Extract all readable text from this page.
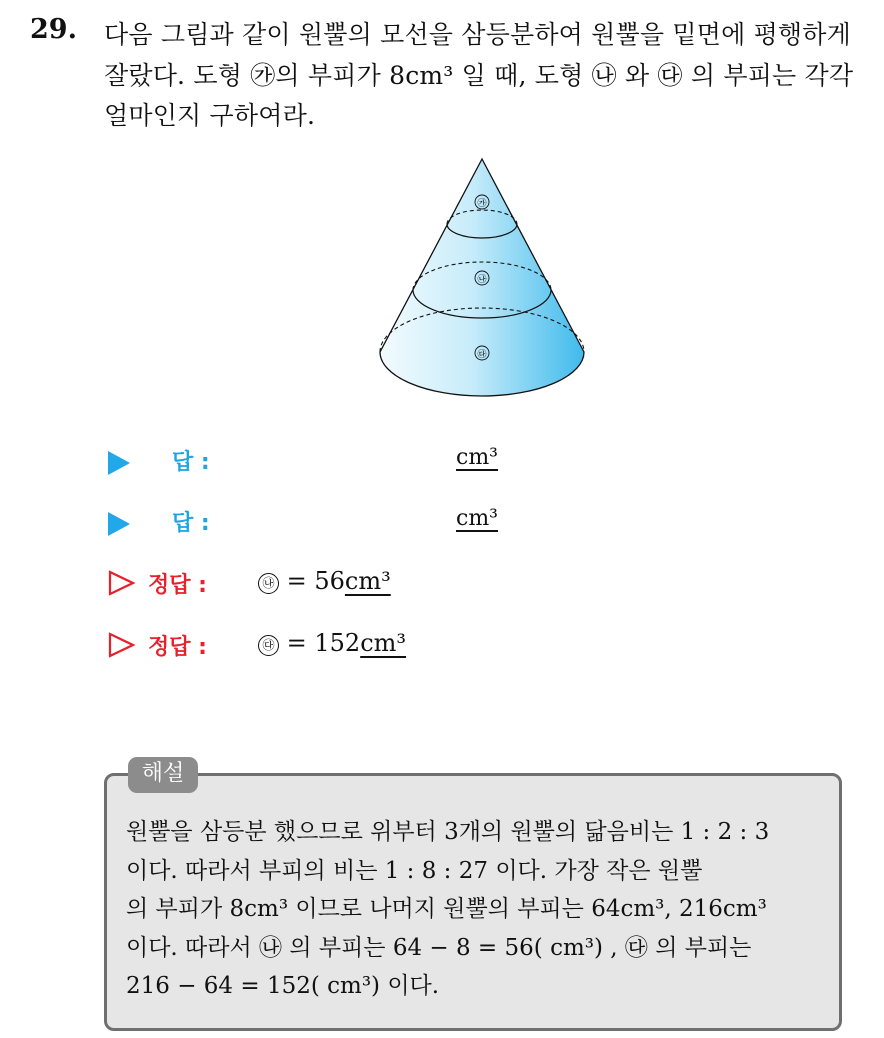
29. 다음 그림과 같이 원뿔의 모선을 삼등분하여 원뿔을 밑면에 평행하게
잘랐다. 도형 ㉮의 부피가 8cm³ 일 때, 도형 ㉯ 와 ㉰ 의 부피는 각각
얼마인지 구하여라.
㉮
㉯
㉰
답 :	cm³
답 :	cm³
정답 :	㉯ = 56cm³
정답 :	㉰ = 152cm³
해설
원뿔을 삼등분 했으므로 위부터 3개의 원뿔의 닮음비는 1 : 2 : 3
이다. 따라서 부피의 비는 1 : 8 : 27 이다. 가장 작은 원뿔
의 부피가 8cm³ 이므로 나머지 원뿔의 부피는 64cm³, 216cm³
이다. 따라서 ㉯ 의 부피는 64 − 8 = 56( cm³) , ㉰ 의 부피는
216 − 64 = 152( cm³) 이다.
